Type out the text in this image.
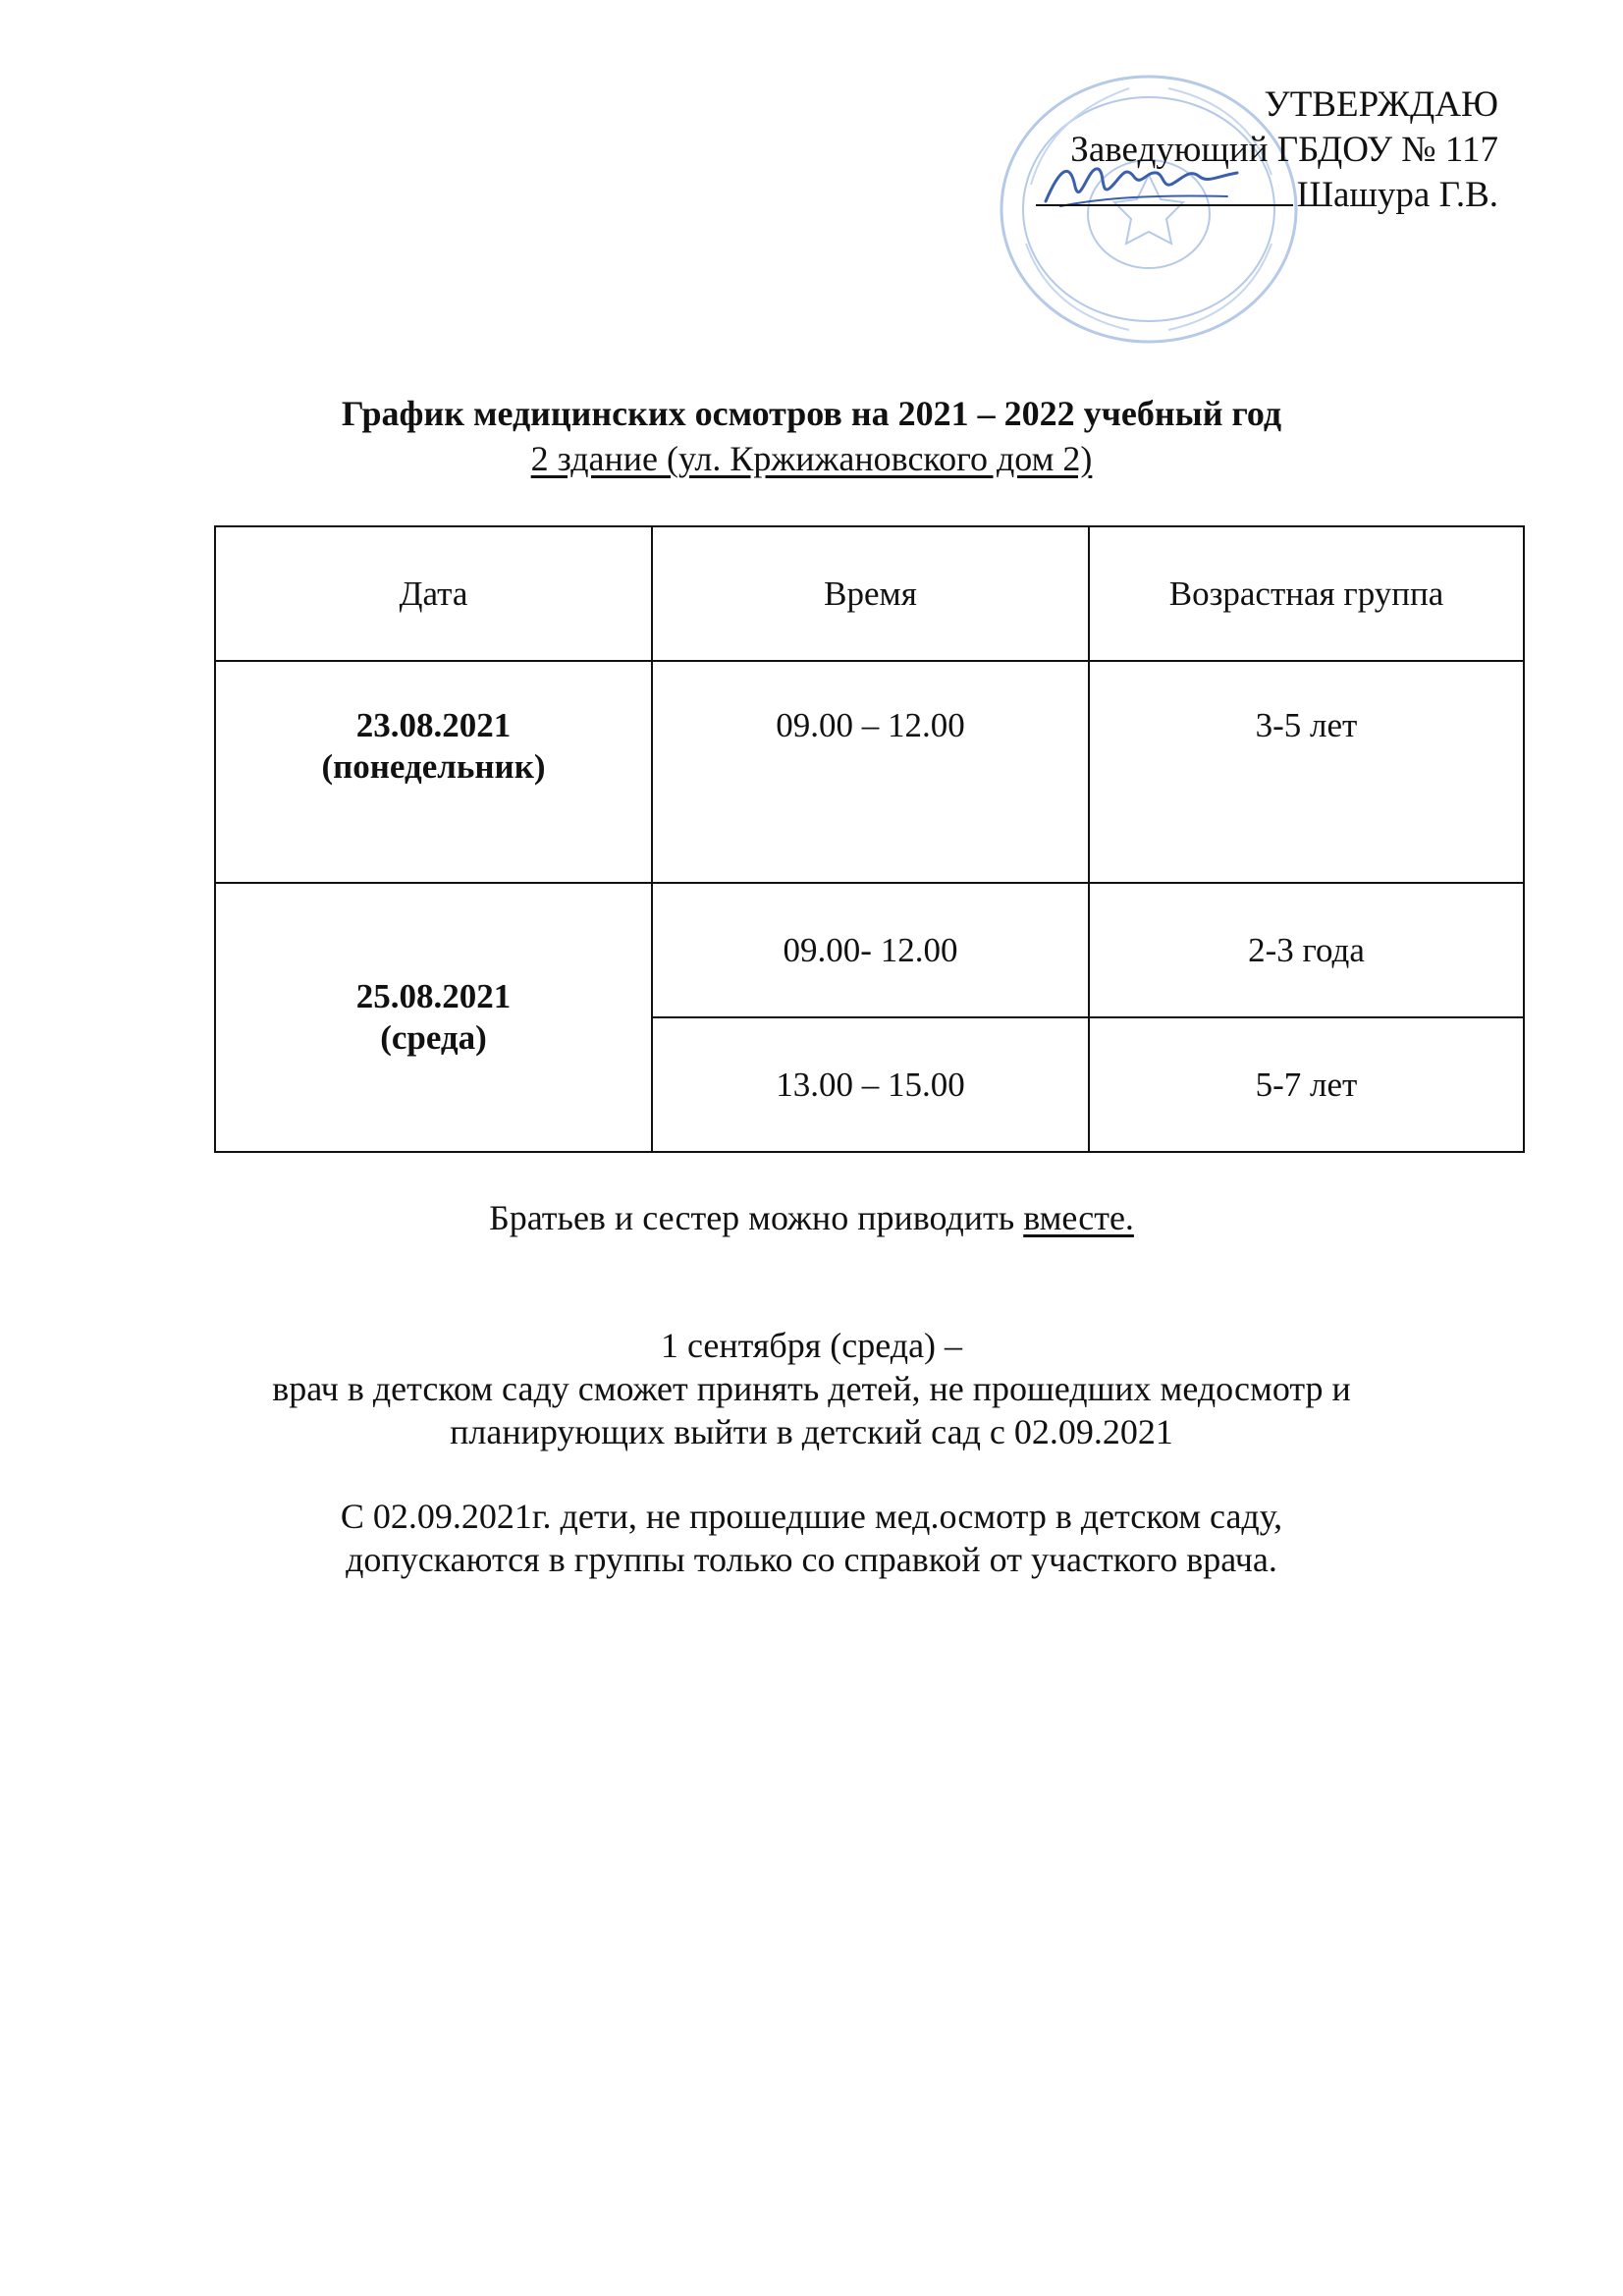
УТВЕРЖДАЮ
Заведующий ГБДОУ № 117
Шашура Г.В.
График медицинских осмотров на 2021 – 2022 учебный год
2 здание (ул. Кржижановского дом 2)
Дата	Время	Возрастная группа

23.08.2021
(понедельник)	09.00 – 12.00	3-5 лет

25.08.2021
(среда)	09.00- 12.00	2-3 года
	13.00 – 15.00	5-7 лет
Братьев и сестер можно приводить вместе.
1 сентября (среда) –
врач в детском саду сможет принять детей, не прошедших медосмотр и
планирующих выйти в детский сад с 02.09.2021
С 02.09.2021г. дети, не прошедшие мед.осмотр в детском саду,
допускаются в группы только со справкой от участкого врача.
